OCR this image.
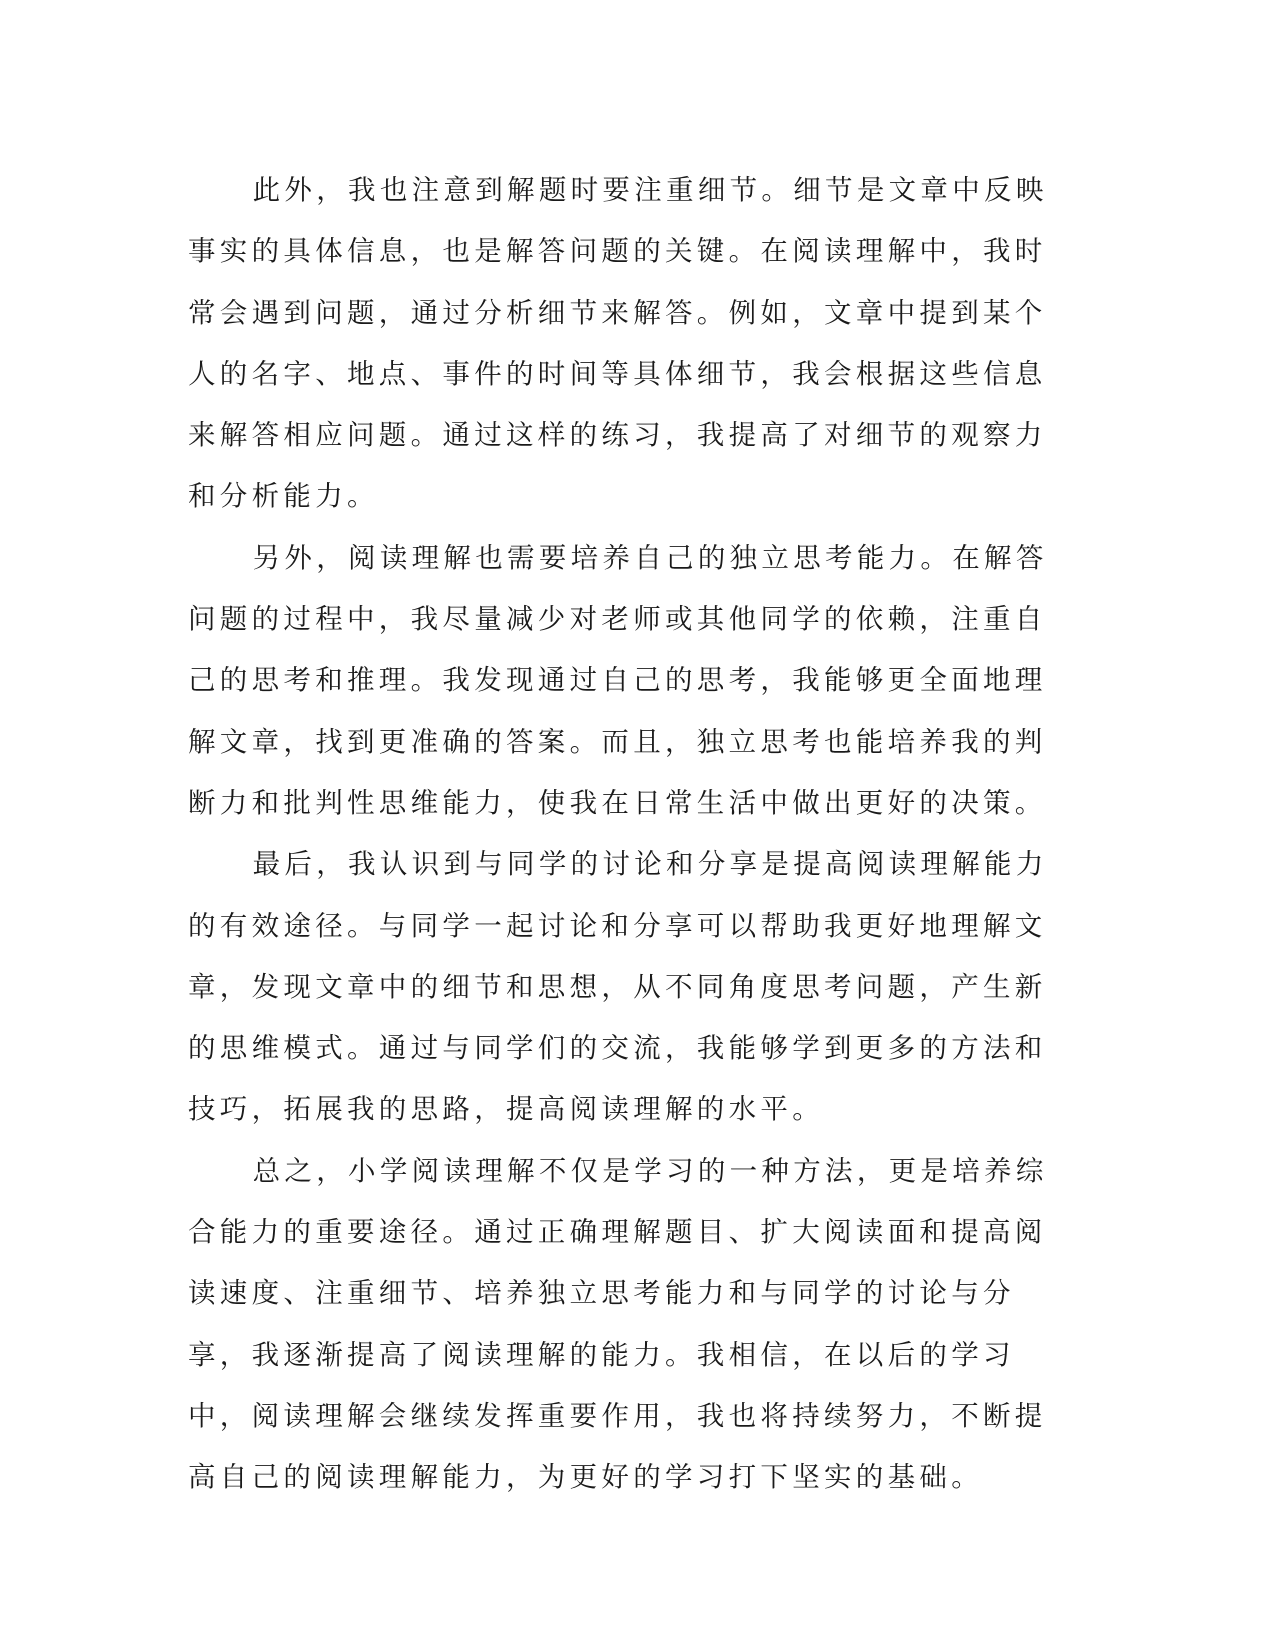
此外，我也注意到解题时要注重细节。细节是文章中反映事实的具体信息，也是解答问题的关键。在阅读理解中，我时常会遇到问题，通过分析细节来解答。例如，文章中提到某个人的名字、地点、事件的时间等具体细节，我会根据这些信息来解答相应问题。通过这样的练习，我提高了对细节的观察力和分析能力。

另外，阅读理解也需要培养自己的独立思考能力。在解答问题的过程中，我尽量减少对老师或其他同学的依赖，注重自己的思考和推理。我发现通过自己的思考，我能够更全面地理解文章，找到更准确的答案。而且，独立思考也能培养我的判断力和批判性思维能力，使我在日常生活中做出更好的决策。

最后，我认识到与同学的讨论和分享是提高阅读理解能力的有效途径。与同学一起讨论和分享可以帮助我更好地理解文章，发现文章中的细节和思想，从不同角度思考问题，产生新的思维模式。通过与同学们的交流，我能够学到更多的方法和技巧，拓展我的思路，提高阅读理解的水平。

总之，小学阅读理解不仅是学习的一种方法，更是培养综合能力的重要途径。通过正确理解题目、扩大阅读面和提高阅读速度、注重细节、培养独立思考能力和与同学的讨论与分享，我逐渐提高了阅读理解的能力。我相信，在以后的学习中，阅读理解会继续发挥重要作用，我也将持续努力，不断提高自己的阅读理解能力，为更好的学习打下坚实的基础。
